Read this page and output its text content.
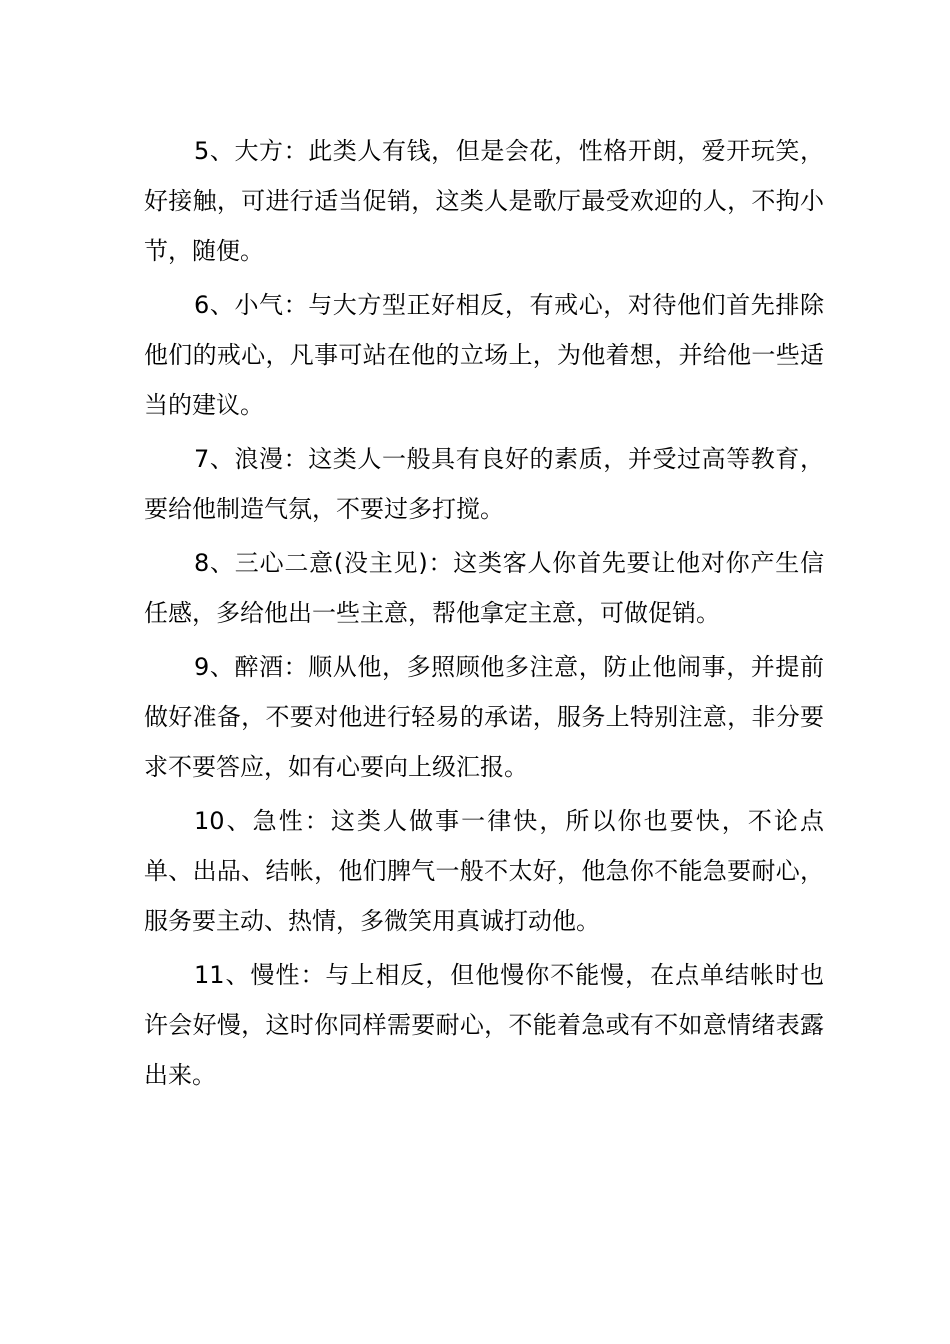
5、大方：此类人有钱，但是会花，性格开朗，爱开玩笑，好接触，可进行适当促销，这类人是歌厅最受欢迎的人，不拘小节，随便。

6、小气：与大方型正好相反，有戒心，对待他们首先排除他们的戒心，凡事可站在他的立场上，为他着想，并给他一些适当的建议。

7、浪漫：这类人一般具有良好的素质，并受过高等教育，要给他制造气氛，不要过多打搅。

8、三心二意(没主见)：这类客人你首先要让他对你产生信任感，多给他出一些主意，帮他拿定主意，可做促销。

9、醉酒：顺从他，多照顾他多注意，防止他闹事，并提前做好准备，不要对他进行轻易的承诺，服务上特别注意，非分要求不要答应，如有心要向上级汇报。

10、急性：这类人做事一律快，所以你也要快，不论点单、出品、结帐，他们脾气一般不太好，他急你不能急要耐心，服务要主动、热情，多微笑用真诚打动他。

11、慢性：与上相反，但他慢你不能慢，在点单结帐时也许会好慢，这时你同样需要耐心，不能着急或有不如意情绪表露出来。
